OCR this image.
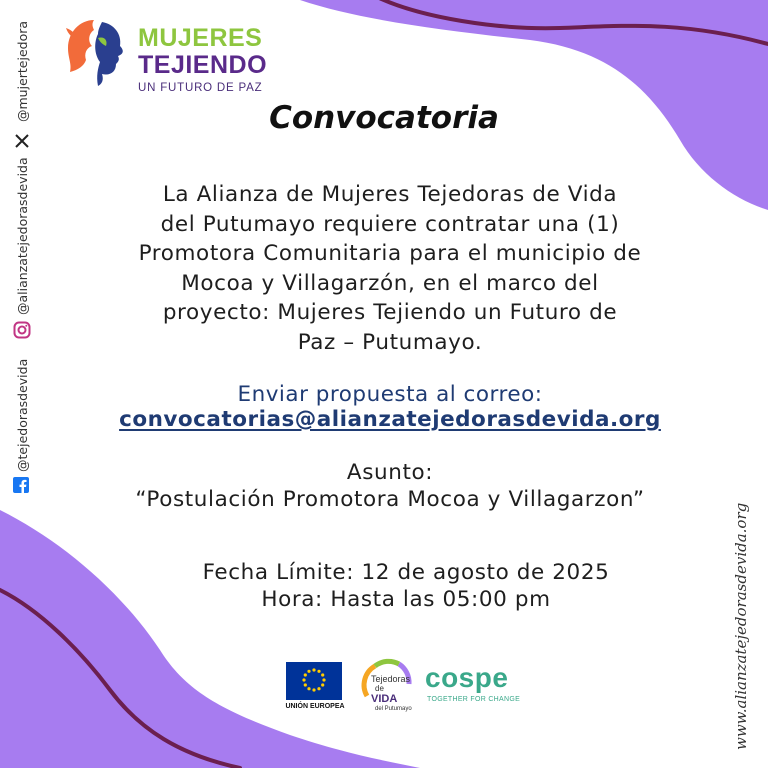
MUJERES
TEJIENDO
UN FUTURO DE PAZ
@mujertejedora
@alianzatejedorasdevida
@tejedorasdevida
Convocatoria
La Alianza de Mujeres Tejedoras de Vida
del Putumayo requiere contratar una (1)
Promotora Comunitaria para el municipio de
Mocoa y Villagarzón, en el marco del
proyecto: Mujeres Tejiendo un Futuro de
Paz – Putumayo.
Enviar propuesta al correo:
convocatorias@alianzatejedorasdevida.org
Asunto:
“Postulación Promotora Mocoa y Villagarzon”
Fecha Límite: 12 de agosto de 2025
Hora: Hasta las 05:00 pm	www.alianzatejedorasdevida.org
UNIÓN EUROPEA
Tejedoras
de
VIDA
del Putumayo
cospe
TOGETHER FOR CHANGE
